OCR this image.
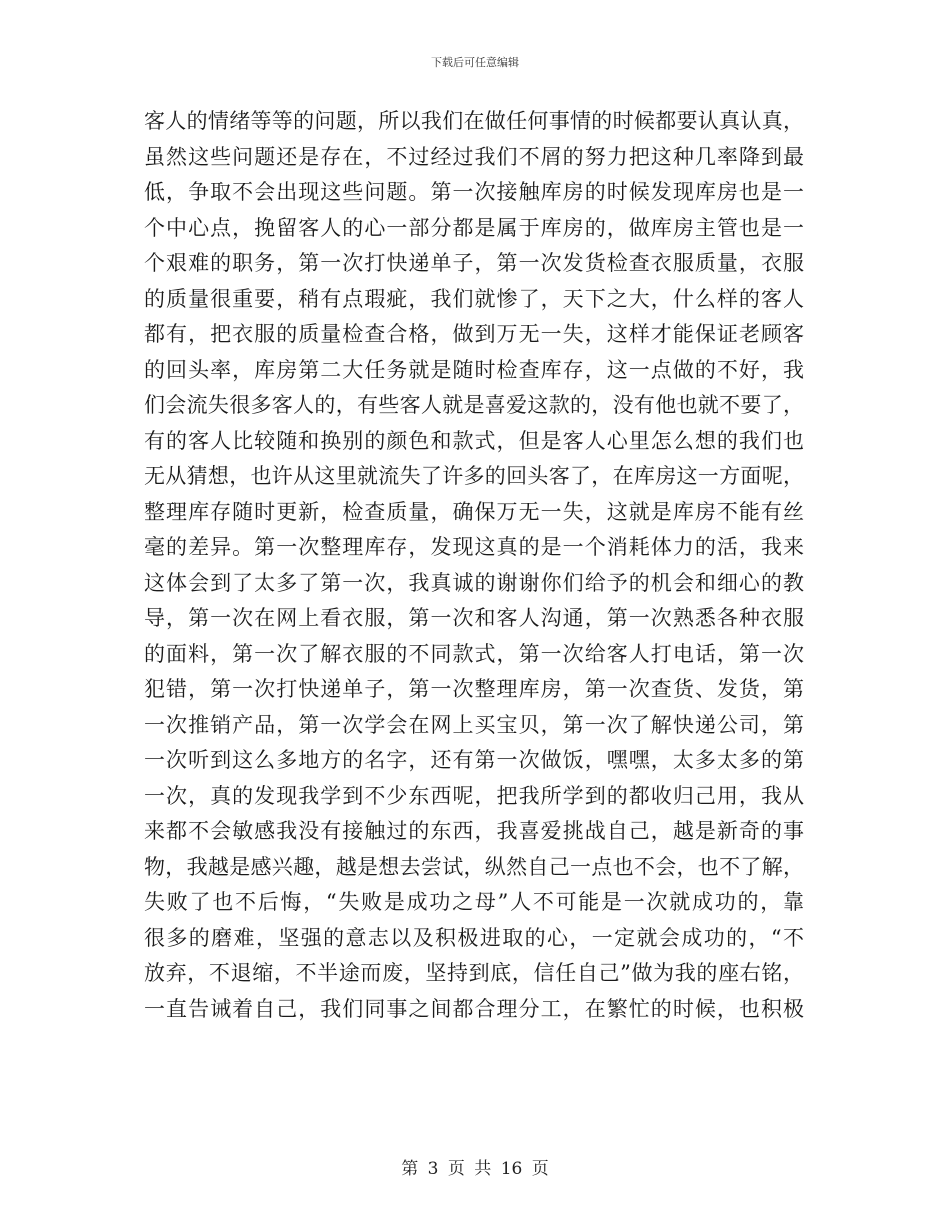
下载后可任意编辑
客人的情绪等等的问题，所以我们在做任何事情的时候都要认真认真，
虽然这些问题还是存在，不过经过我们不屑的努力把这种几率降到最
低，争取不会出现这些问题。第一次接触库房的时候发现库房也是一
个中心点，挽留客人的心一部分都是属于库房的，做库房主管也是一
个艰难的职务，第一次打快递单子，第一次发货检查衣服质量，衣服
的质量很重要，稍有点瑕疵，我们就惨了，天下之大，什么样的客人
都有，把衣服的质量检查合格，做到万无一失，这样才能保证老顾客
的回头率，库房第二大任务就是随时检查库存，这一点做的不好，我
们会流失很多客人的，有些客人就是喜爱这款的，没有他也就不要了，
有的客人比较随和换别的颜色和款式，但是客人心里怎么想的我们也
无从猜想，也许从这里就流失了许多的回头客了，在库房这一方面呢，
整理库存随时更新，检查质量，确保万无一失，这就是库房不能有丝
毫的差异。第一次整理库存，发现这真的是一个消耗体力的活，我来
这体会到了太多了第一次，我真诚的谢谢你们给予的机会和细心的教
导，第一次在网上看衣服，第一次和客人沟通，第一次熟悉各种衣服
的面料，第一次了解衣服的不同款式，第一次给客人打电话，第一次
犯错，第一次打快递单子，第一次整理库房，第一次查货、发货，第
一次推销产品，第一次学会在网上买宝贝，第一次了解快递公司，第
一次听到这么多地方的名字，还有第一次做饭，嘿嘿，太多太多的第
一次，真的发现我学到不少东西呢，把我所学到的都收归己用，我从
来都不会敏感我没有接触过的东西，我喜爱挑战自己，越是新奇的事
物，我越是感兴趣，越是想去尝试，纵然自己一点也不会，也不了解，
失败了也不后悔，“失败是成功之母”人不可能是一次就成功的，靠
很多的磨难，坚强的意志以及积极进取的心，一定就会成功的，“不
放弃，不退缩，不半途而废，坚持到底，信任自己”做为我的座右铭，
一直告诫着自己，我们同事之间都合理分工，在繁忙的时候，也积极
第 3 页 共 16 页
